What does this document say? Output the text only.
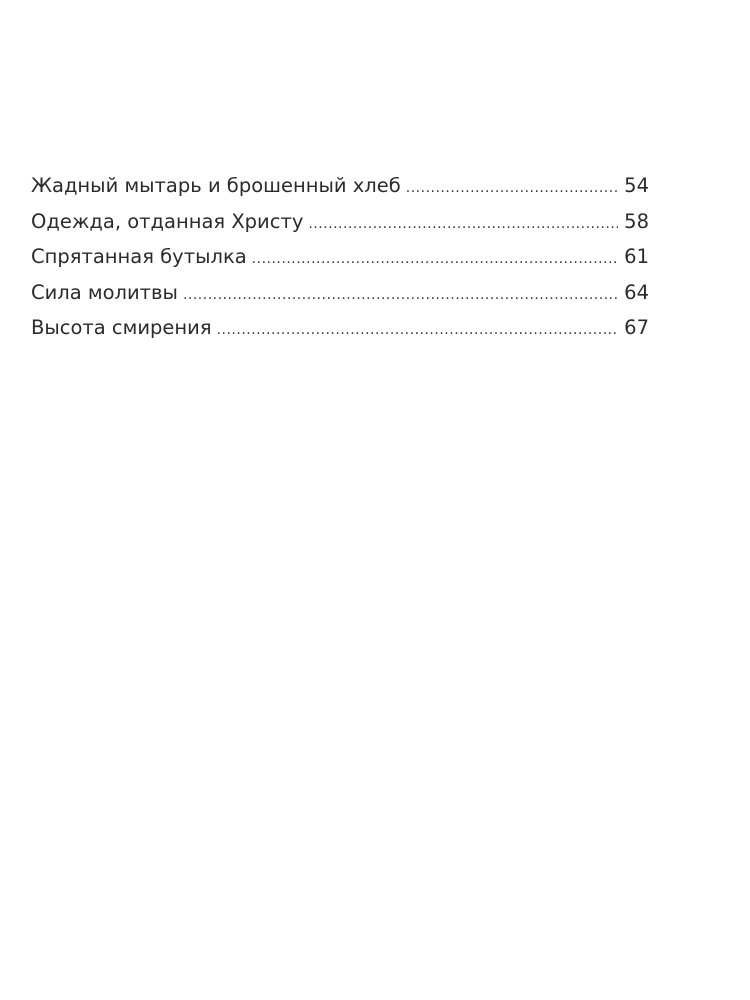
Жадный мытарь и брошенный хлеб .....	54
Одежда, отданная Христу .....	58
Спрятанная бутылка .....	61
Сила молитвы .....	64
Высота смирения .....	67
